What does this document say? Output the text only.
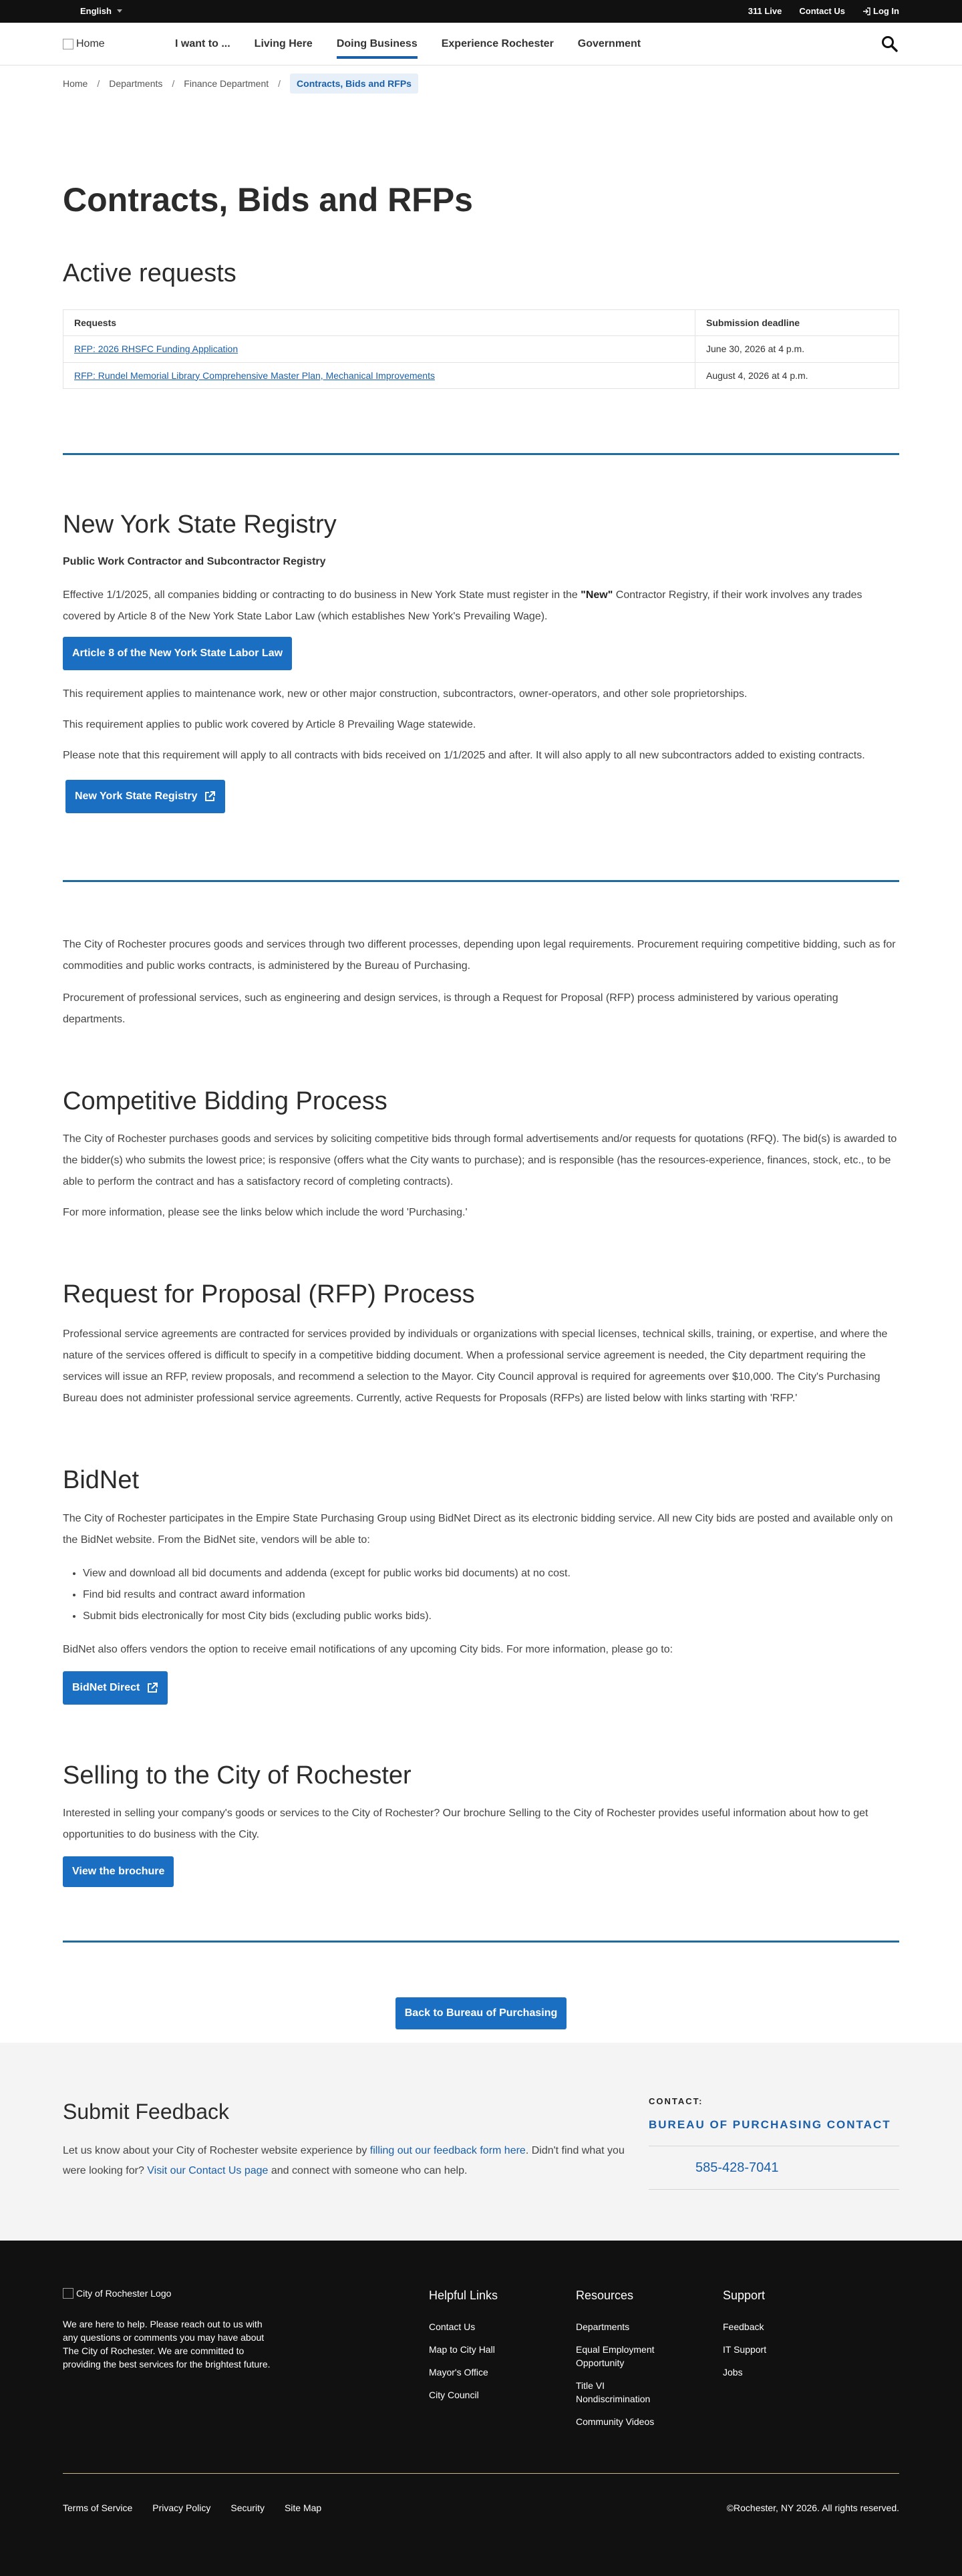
English	311 Live Contact Us	Log In
Home	I want to ... Living Here Doing Business Experience Rochester Government
Home / Departments / Finance Department /	Contracts, Bids and RFPs
Contracts, Bids and RFPs
Active requests
Requests	Submission deadline
RFP: 2026 RHSFC Funding Application	June 30, 2026 at 4 p.m.
RFP: Rundel Memorial Library Comprehensive Master Plan, Mechanical Improvements	August 4, 2026 at 4 p.m.
New York State Registry

Public Work Contractor and Subcontractor Registry

Effective 1/1/2025, all companies bidding or contracting to do business in New York State must register in the "New" Contractor Registry, if their work involves any trades covered by Article 8 of the New York State Labor Law (which establishes New York's Prevailing Wage).

Article 8 of the New York State Labor Law

This requirement applies to maintenance work, new or other major construction, subcontractors, owner-operators, and other sole proprietorships.

This requirement applies to public work covered by Article 8 Prevailing Wage statewide.

Please note that this requirement will apply to all contracts with bids received on 1/1/2025 and after. It will also apply to all new subcontractors added to existing contracts.

New York State Registry

The City of Rochester procures goods and services through two different processes, depending upon legal requirements. Procurement requiring competitive bidding, such as for commodities and public works contracts, is administered by the Bureau of Purchasing.

Procurement of professional services, such as engineering and design services, is through a Request for Proposal (RFP) process administered by various operating departments.

Competitive Bidding Process

The City of Rochester purchases goods and services by soliciting competitive bids through formal advertisements and/or requests for quotations (RFQ). The bid(s) is awarded to the bidder(s) who submits the lowest price; is responsive (offers what the City wants to purchase); and is responsible (has the resources-experience, finances, stock, etc., to be able to perform the contract and has a satisfactory record of completing contracts).

For more information, please see the links below which include the word 'Purchasing.'

Request for Proposal (RFP) Process

Professional service agreements are contracted for services provided by individuals or organizations with special licenses, technical skills, training, or expertise, and where the nature of the services offered is difficult to specify in a competitive bidding document. When a professional service agreement is needed, the City department requiring the services will issue an RFP, review proposals, and recommend a selection to the Mayor. City Council approval is required for agreements over $10,000. The City's Purchasing Bureau does not administer professional service agreements. Currently, active Requests for Proposals (RFPs) are listed below with links starting with 'RFP.'

BidNet

The City of Rochester participates in the Empire State Purchasing Group using BidNet Direct as its electronic bidding service. All new City bids are posted and available only on the BidNet website. From the BidNet site, vendors will be able to:

• View and download all bid documents and addenda (except for public works bid documents) at no cost.
• Find bid results and contract award information
• Submit bids electronically for most City bids (excluding public works bids).

BidNet also offers vendors the option to receive email notifications of any upcoming City bids. For more information, please go to:

BidNet Direct
Selling to the City of Rochester

Interested in selling your company's goods or services to the City of Rochester? Our brochure Selling to the City of Rochester provides useful information about how to get opportunities to do business with the City.

View the brochure
Back to Bureau of Purchasing
Submit Feedback

Let us know about your City of Rochester website experience by filling out our feedback form here. Didn't find what you were looking for? Visit our Contact Us page and connect with someone who can help.

CONTACT:
BUREAU OF PURCHASING CONTACT
585-428-7041
City of Rochester Logo

We are here to help. Please reach out to us with any questions or comments you may have about The City of Rochester. We are committed to providing the best services for the brightest future.

Helpful Links
Contact Us
Map to City Hall
Mayor's Office
City Council
Resources
Departments
Equal Employment Opportunity
Title VI Nondiscrimination
Community Videos
Support
Feedback
IT Support
Jobs
Terms of Service Privacy Policy Security Site Map	©Rochester, NY 2026. All rights reserved.
